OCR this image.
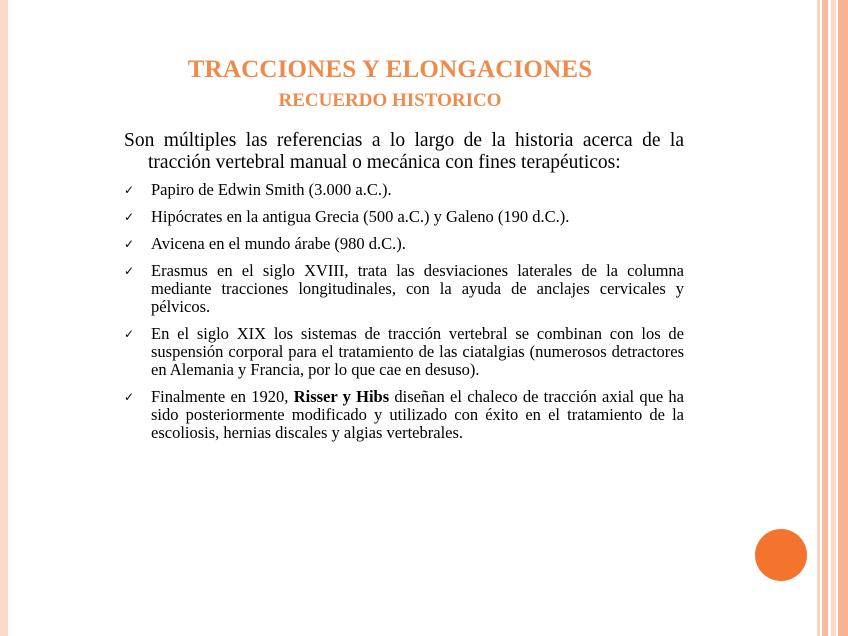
TRACCIONES Y ELONGACIONES
RECUERDO HISTORICO

Son múltiples las referencias a lo largo de la historia acerca de la tracción vertebral manual o mecánica con fines terapéuticos:

✓ Papiro de Edwin Smith (3.000 a.C.).
✓ Hipócrates en la antigua Grecia (500 a.C.) y Galeno (190 d.C.).
✓ Avicena en el mundo árabe (980 d.C.).
✓ Erasmus en el siglo XVIII, trata las desviaciones laterales de la columna mediante tracciones longitudinales, con la ayuda de anclajes cervicales y pélvicos.
✓ En el siglo XIX los sistemas de tracción vertebral se combinan con los de suspensión corporal para el tratamiento de las ciatalgias (numerosos detractores en Alemania y Francia, por lo que cae en desuso).
✓ Finalmente en 1920, Risser y Hibs diseñan el chaleco de tracción axial que ha sido posteriormente modificado y utilizado con éxito en el tratamiento de la escoliosis, hernias discales y algias vertebrales.
